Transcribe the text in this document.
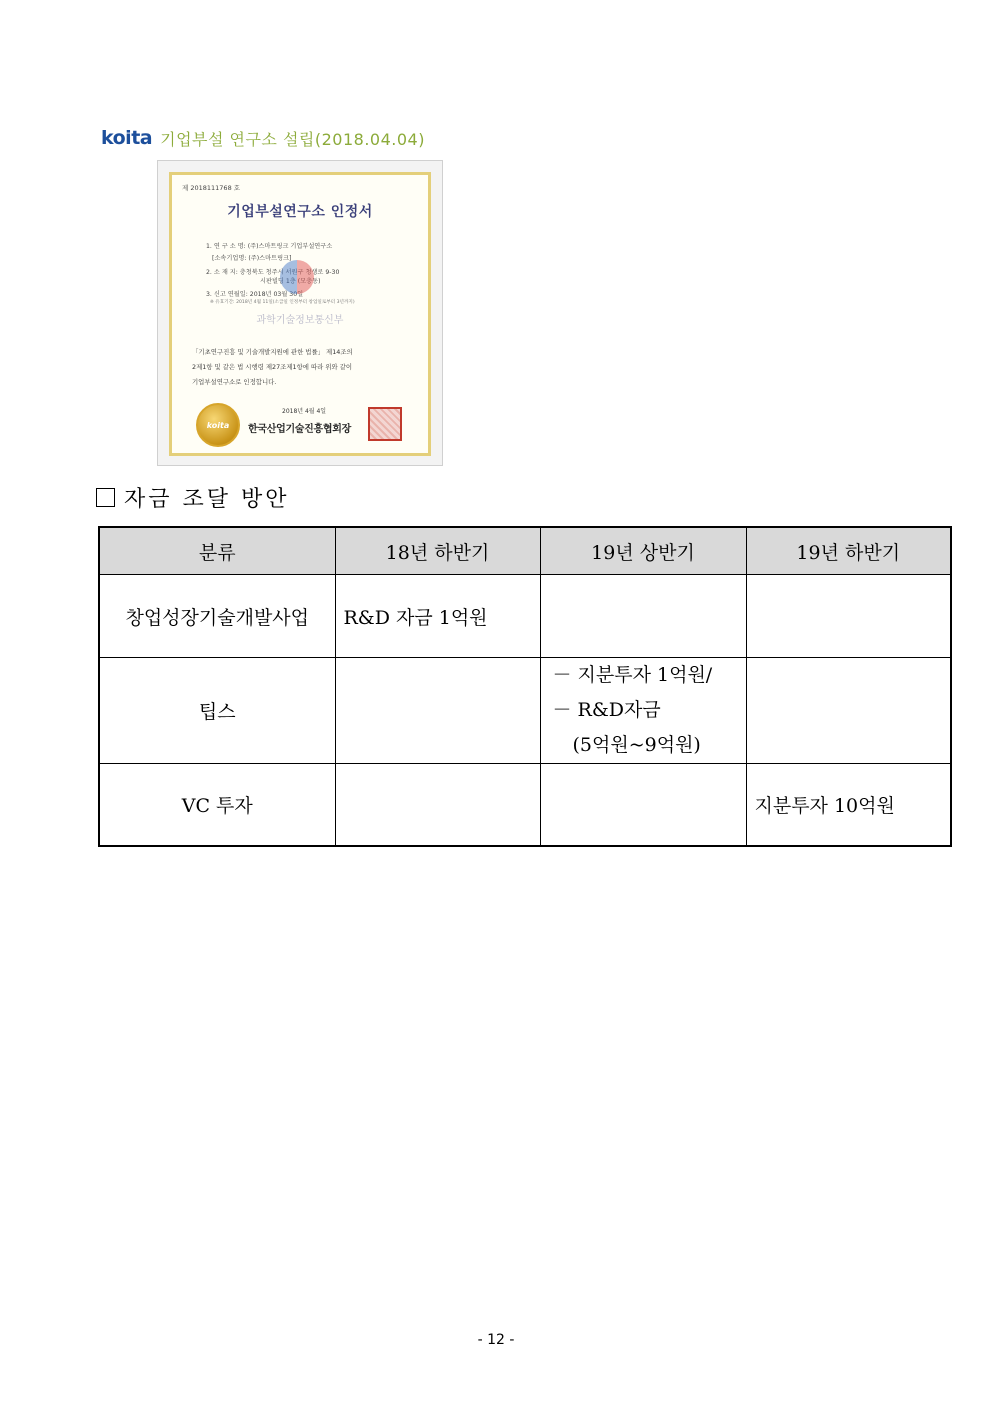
koita 기업부설 연구소 설립(2018.04.04)
제 2018111768 호
기업부설연구소 인정서
1. 연 구 소 명: (주)스마트링크 기업부설연구소
[소속기업명: (주)스마트링크]
2. 소 재 지: 충청북도 청주시 서원구 청생로 9-30
시판빌딩 1층 (모충동)
3. 신고 연월일: 2018년 03월 30일
※ 유효기간: 2018년 4월 11일(소급일 인정부터 창업일로부터 3년까지)
과학기술정보통신부
「기초연구진흥 및 기술개발지원에 관한 법률」 제14조의
2제1항 및 같은 법 시행령 제27조제1항에 따라 위와 같이
기업부설연구소로 인정합니다.
koita
2018년 4월 4일
한국산업기술진흥협회장
자금 조달 방안
분류	18년 하반기	19년 상반기	19년 하반기
창업성장기술개발사업	R&D 자금 1억원		
팁스		－ 지분투자 1억원/
－ R&D자금
(5억원~9억원)	

VC 투자			지분투자 10억원
- 12 -
